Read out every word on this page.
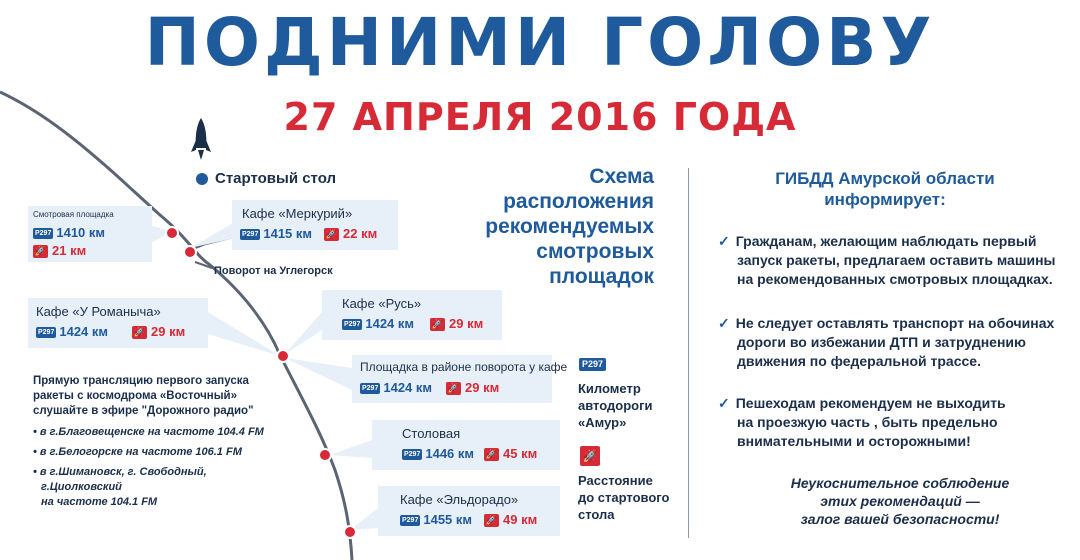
ПОДНИМИ ГОЛОВУ
27 АПРЕЛЯ 2016 ГОДА
Стартовый стол
Смотровая площадка
Р297 1410 км
🚀 21 км
Кафе «Меркурий»
Р297 1415 км 🚀 22 км
Поворот на Углегорск
Кафе «У Романыча»
Р297 1424 км	🚀 29 км
Кафе «Русь»
Р297 1424 км 🚀 29 км
Площадка в районе поворота у кафе
Р297 1424 км 🚀 29 км
Столовая
Р297 1446 км 🚀 45 км
Кафе «Эльдорадо»
Р297 1455 км 🚀 49 км
Прямую трансляцию первого запуска
ракеты с космодрома «Восточный»
слушайте в эфире "Дорожного радио"
• в г.Благовещенске на частоте 104.4 FM
• в г.Белогорске на частоте 106.1 FM
• в г.Шимановск, г. Свободный,
г.Циолковский
на частоте 104.1 FM
Схема
расположения
рекомендуемых
смотровых
площадок
Р297
Километр
автодороги
«Амур»
🚀
Расстояние
до стартового
стола
ГИБДД Амурской области
информирует:
✓ Гражданам, желающим наблюдать первый
запуск ракеты, предлагаем оставить машины
на рекомендованных смотровых площадках.
✓ Не следует оставлять транспорт на обочинах
дороги во избежании ДТП и затруднению
движения по федеральной трассе.
✓ Пешеходам рекомендуем не выходить
на проезжую часть , быть предельно
внимательными и осторожными!
Неукоснительное соблюдение
этих рекомендаций —
залог вашей безопасности!
